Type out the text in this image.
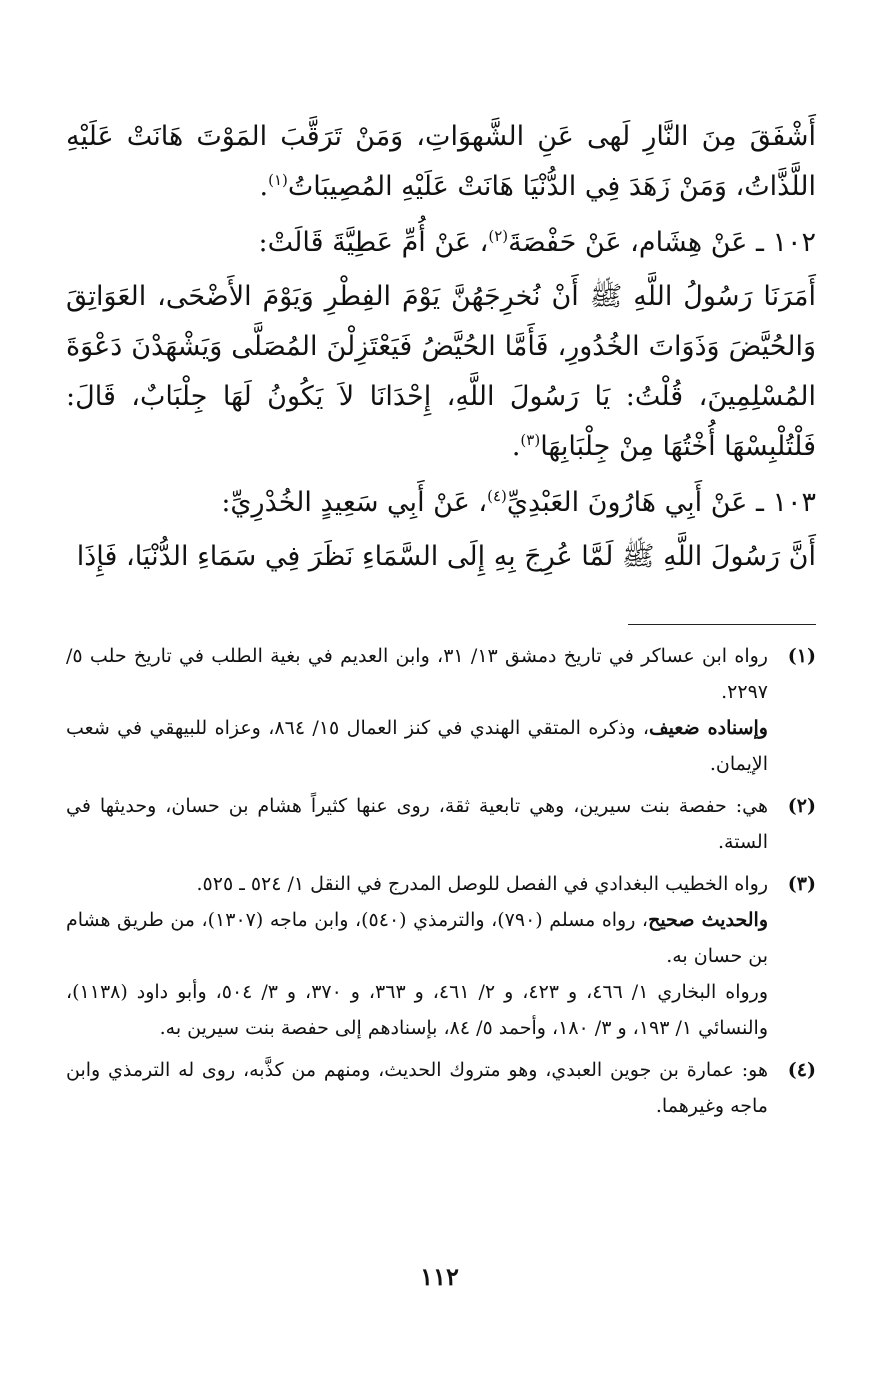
أَشْفَقَ مِنَ النَّارِ لَهى عَنِ الشَّهوَاتِ، وَمَنْ تَرَقَّبَ المَوْتَ هَانَتْ عَلَيْهِ اللَّذَّاتُ، وَمَنْ زَهَدَ فِي الدُّنْيَا هَانَتْ عَلَيْهِ المُصِيبَاتُ$^{(١)}$.

١٠٢ ـ عَنْ هِشَام، عَنْ حَفْصَةَ$^{(٢)}$، عَنْ أُمِّ عَطِيَّةَ قَالَتْ:

أَمَرَنَا رَسُولُ اللَّهِ ﷺ أَنْ نُخرِجَهُنَّ يَوْمَ الفِطْرِ وَيَوْمَ الأَضْحَى، العَوَاتِقَ وَالحُيَّضَ وَذَوَاتَ الخُدُورِ، فَأَمَّا الحُيَّضُ فَيَعْتَزِلْنَ المُصَلَّى وَيَشْهَدْنَ دَعْوَةَ المُسْلِمِينَ، قُلْتُ: يَا رَسُولَ اللَّهِ، إِحْدَانَا لاَ يَكُونُ لَهَا جِلْبَابٌ، قَالَ: فَلْتُلْبِسْهَا أُخْتُهَا مِنْ جِلْبَابِهَا$^{(٣)}$.

١٠٣ ـ عَنْ أَبِي هَارُونَ العَبْدِيِّ$^{(٤)}$، عَنْ أَبِي سَعِيدٍ الخُدْرِيِّ:

أَنَّ رَسُولَ اللَّهِ ﷺ لَمَّا عُرِجَ بِهِ إِلَى السَّمَاءِ نَظَرَ فِي سَمَاءِ الدُّنْيَا، فَإِذَا

(١)

رواه ابن عساكر في تاريخ دمشق ١٣/ ٣١، وابن العديم في بغية الطلب في تاريخ حلب ٥/ ٢٢٩٧.

وإسناده ضعيف، وذكره المتقي الهندي في كنز العمال ١٥/ ٨٦٤، وعزاه للبيهقي في شعب الإيمان.

(٢)

هي: حفصة بنت سيرين، وهي تابعية ثقة، روى عنها كثيراً هشام بن حسان، وحديثها في الستة.

(٣)

رواه الخطيب البغدادي في الفصل للوصل المدرج في النقل ١/ ٥٢٤ ـ ٥٢٥.

والحديث صحيح، رواه مسلم (٧٩٠)، والترمذي (٥٤٠)، وابن ماجه (١٣٠٧)، من طريق هشام بن حسان به.

ورواه البخاري ١/ ٤٦٦، و ٤٢٣، و ٢/ ٤٦١، و ٣٦٣، و ٣٧٠، و ٣/ ٥٠٤، وأبو داود (١١٣٨)، والنسائي ١/ ١٩٣، و ٣/ ١٨٠، وأحمد ٥/ ٨٤، بإسنادهم إلى حفصة بنت سيرين به.

(٤)

هو: عمارة بن جوين العبدي، وهو متروك الحديث، ومنهم من كذَّبه، روى له الترمذي وابن ماجه وغيرهما.

١١٢
